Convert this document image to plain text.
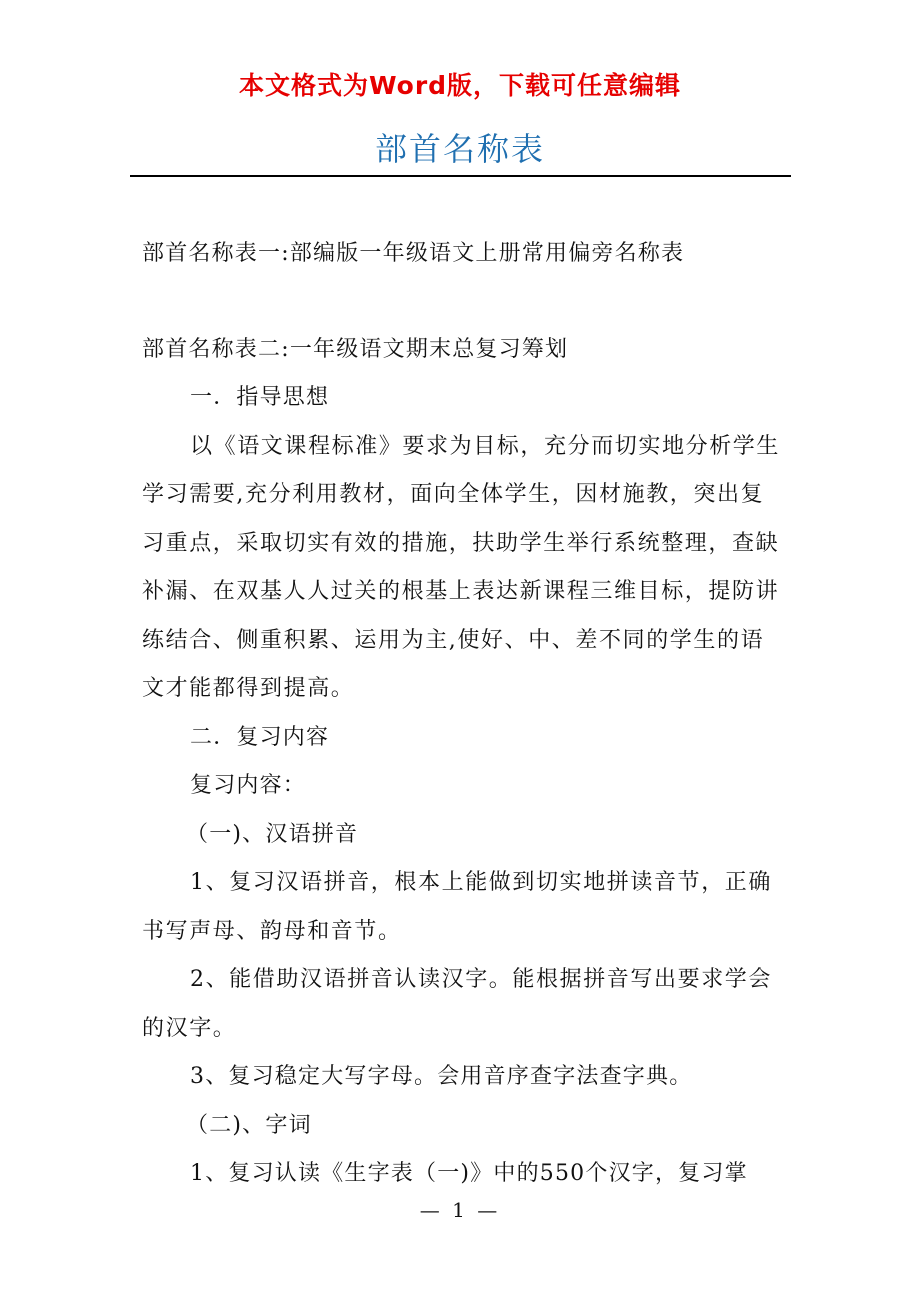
本文格式为Word版，下载可任意编辑
部首名称表

部首名称表一:部编版一年级语文上册常用偏旁名称表

部首名称表二:一年级语文期末总复习筹划

一．指导思想

以《语文课程标准》要求为目标，充分而切实地分析学生学习需要,充分利用教材，面向全体学生，因材施教，突出复习重点，采取切实有效的措施，扶助学生举行系统整理，查缺补漏、在双基人人过关的根基上表达新课程三维目标，提防讲练结合、侧重积累、运用为主,使好、中、差不同的学生的语文才能都得到提高。

二．复习内容

复习内容：

（一)、汉语拼音

1、复习汉语拼音，根本上能做到切实地拼读音节，正确书写声母、韵母和音节。

2、能借助汉语拼音认读汉字。能根据拼音写出要求学会的汉字。

3、复习稳定大写字母。会用音序查字法查字典。

（二)、字词

1、复习认读《生字表（一)》中的550个汉字，复习掌

— 1 —
